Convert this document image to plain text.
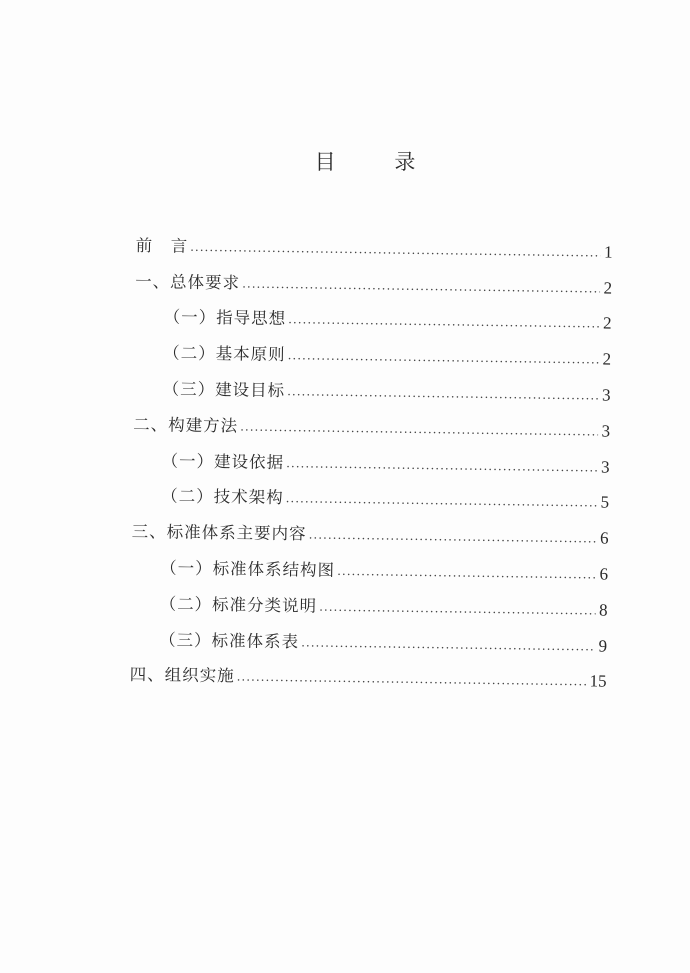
目 录
前　言 .....	1
一、总体要求 .....	2
（一）指导思想 .....	2
（二）基本原则 .....	2
（三）建设目标 .....	3
二、构建方法 .....	3
（一）建设依据 .....	3
（二）技术架构 .....	5
三、标准体系主要内容 .....	6
（一）标准体系结构图 .....	6
（二）标准分类说明 .....	8
（三）标准体系表 .....	9
四、组织实施 .....	15
